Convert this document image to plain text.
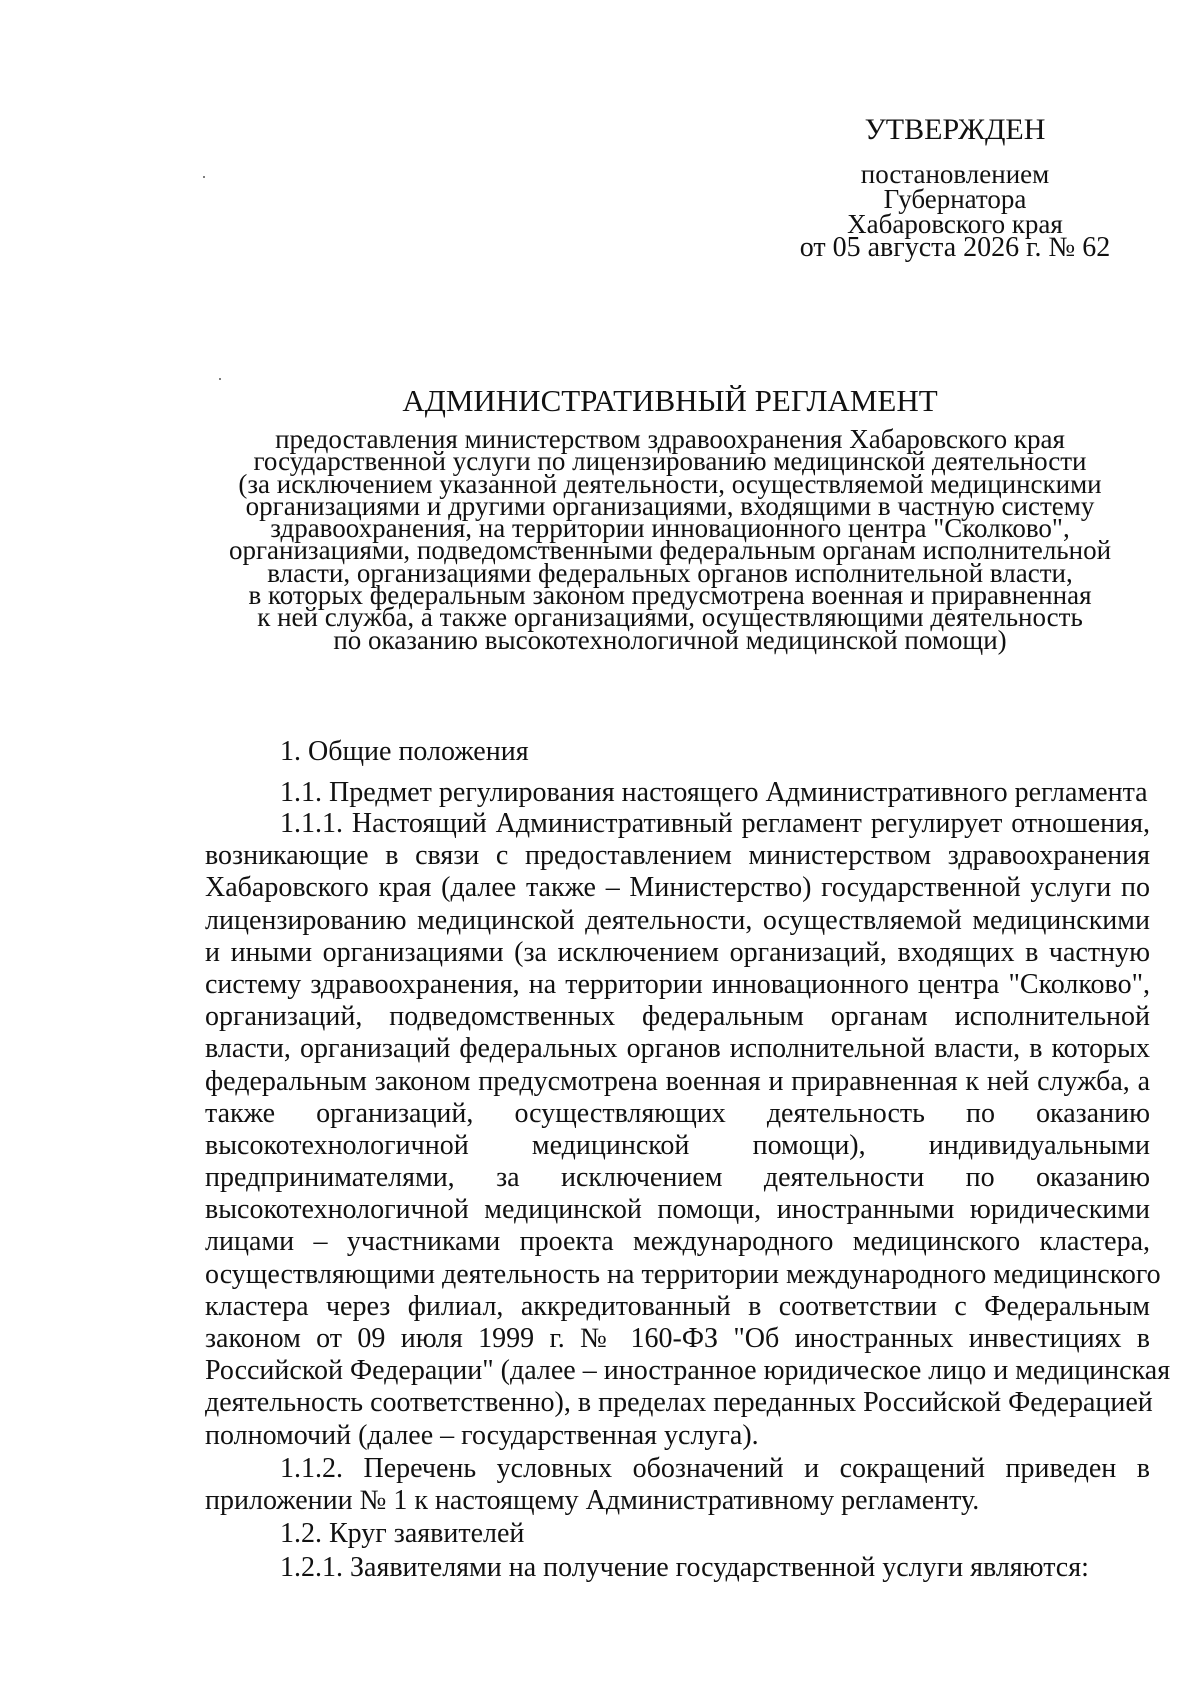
УТВЕРЖДЕН
постановлением
Губернатора
Хабаровского края
от 05 августа 2026 г. № 62
АДМИНИСТРАТИВНЫЙ РЕГЛАМЕНТ
предоставления министерством здравоохранения Хабаровского края
государственной услуги по лицензированию медицинской деятельности
(за исключением указанной деятельности, осуществляемой медицинскими
организациями и другими организациями, входящими в частную систему
здравоохранения, на территории инновационного центра "Сколково",
организациями, подведомственными федеральным органам исполнительной
власти, организациями федеральных органов исполнительной власти,
в которых федеральным законом предусмотрена военная и приравненная
к ней служба, а также организациями, осуществляющими деятельность
по оказанию высокотехнологичной медицинской помощи)
1. Общие положения
1.1. Предмет регулирования настоящего Административного регламента
1.1.1. Настоящий Административный регламент регулирует отношения,
возникающие в связи с предоставлением министерством здравоохранения
Хабаровского края (далее также – Министерство) государственной услуги по
лицензированию медицинской деятельности, осуществляемой медицинскими
и иными организациями (за исключением организаций, входящих в частную
систему здравоохранения, на территории инновационного центра "Сколково",
организаций, подведомственных федеральным органам исполнительной
власти, организаций федеральных органов исполнительной власти, в которых
федеральным законом предусмотрена военная и приравненная к ней служба, а
также организаций, осуществляющих деятельность по оказанию
высокотехнологичной медицинской помощи), индивидуальными
предпринимателями, за исключением деятельности по оказанию
высокотехнологичной медицинской помощи, иностранными юридическими
лицами – участниками проекта международного медицинского кластера,
осуществляющими деятельность на территории международного медицинского
кластера через филиал, аккредитованный в соответствии с Федеральным
законом от 09 июля 1999 г. № 160-ФЗ "Об иностранных инвестициях в
Российской Федерации" (далее – иностранное юридическое лицо и медицинская
деятельность соответственно), в пределах переданных Российской Федерацией
полномочий (далее – государственная услуга).
1.1.2. Перечень условных обозначений и сокращений приведен в
приложении № 1 к настоящему Административному регламенту.
1.2. Круг заявителей
1.2.1. Заявителями на получение государственной услуги являются:
